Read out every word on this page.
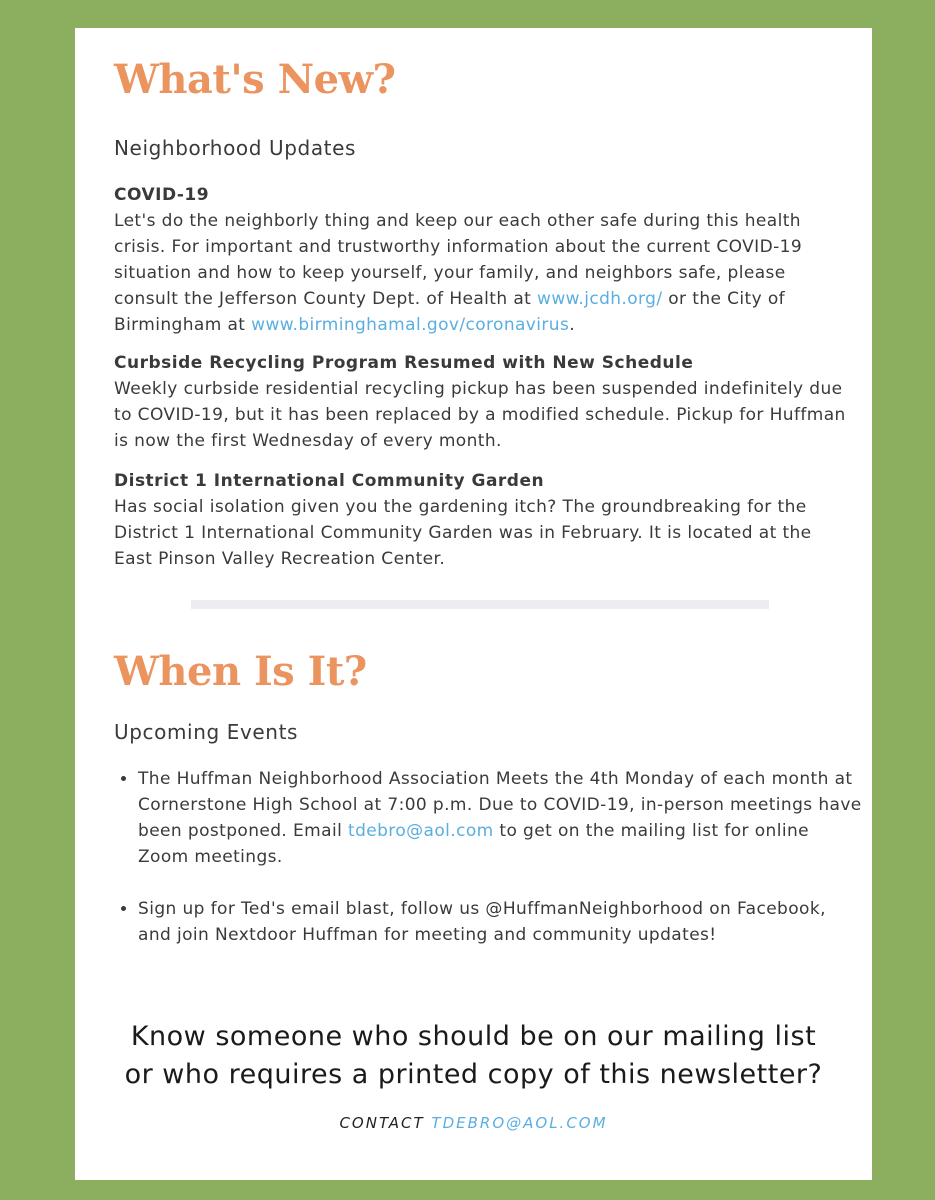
What's New?
Neighborhood Updates
COVID-19
Let's do the neighborly thing and keep our each other safe during this health crisis. For important and trustworthy information about the current COVID-19 situation and how to keep yourself, your family, and neighbors safe, please consult the Jefferson County Dept. of Health at www.jcdh.org/ or the City of Birmingham at www.birminghamal.gov/coronavirus.
Curbside Recycling Program Resumed with New Schedule
Weekly curbside residential recycling pickup has been suspended indefinitely due to COVID-19, but it has been replaced by a modified schedule. Pickup for Huffman is now the first Wednesday of every month.
District 1 International Community Garden
Has social isolation given you the gardening itch? The groundbreaking for the District 1 International Community Garden was in February. It is located at the East Pinson Valley Recreation Center.
When Is It?
Upcoming Events
• The Huffman Neighborhood Association Meets the 4th Monday of each month at Cornerstone High School at 7:00 p.m. Due to COVID-19, in-person meetings have been postponed. Email tdebro@aol.com to get on the mailing list for online Zoom meetings.
• Sign up for Ted's email blast, follow us @HuffmanNeighborhood on Facebook, and join Nextdoor Huffman for meeting and community updates!
Know someone who should be on our mailing list
or who requires a printed copy of this newsletter?
CONTACT TDEBRO@AOL.COM
